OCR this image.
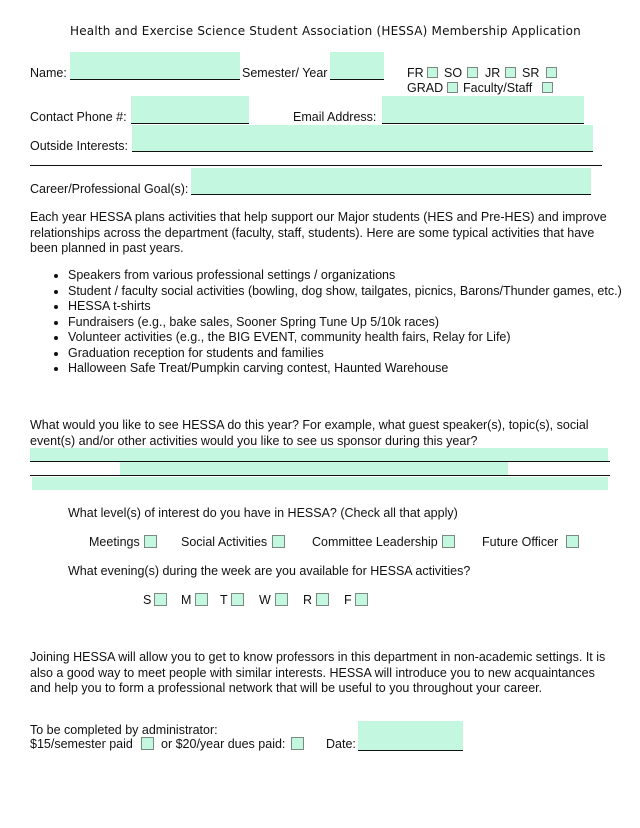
Health and Exercise Science Student Association (HESSA) Membership Application
Name:	Semester/ Year	FR SO JR SR
GRAD Faculty/Staff
Contact Phone #:	Email Address:
Outside Interests:
Career/Professional Goal(s):
Each year HESSA plans activities that help support our Major students (HES and Pre-HES) and improve relationships across the department (faculty, staff, students). Here are some typical activities that have been planned in past years.
• Speakers from various professional settings / organizations
• Student / faculty social activities (bowling, dog show, tailgates, picnics, Barons/Thunder games, etc.)
• HESSA t-shirts
• Fundraisers (e.g., bake sales, Sooner Spring Tune Up 5/10k races)
• Volunteer activities (e.g., the BIG EVENT, community health fairs, Relay for Life)
• Graduation reception for students and families
• Halloween Safe Treat/Pumpkin carving contest, Haunted Warehouse
What would you like to see HESSA do this year? For example, what guest speaker(s), topic(s), social event(s) and/or other activities would you like to see us sponsor during this year?
What level(s) of interest do you have in HESSA? (Check all that apply)
Meetings	Social Activities	Committee Leadership	Future Officer
What evening(s) during the week are you available for HESSA activities?
S M T	W	R	F
Joining HESSA will allow you to get to know professors in this department in non-academic settings. It is also a good way to meet people with similar interests. HESSA will introduce you to new acquaintances and help you to form a professional network that will be useful to you throughout your career.
To be completed by administrator:
$15/semester paid or $20/year dues paid:	Date:
